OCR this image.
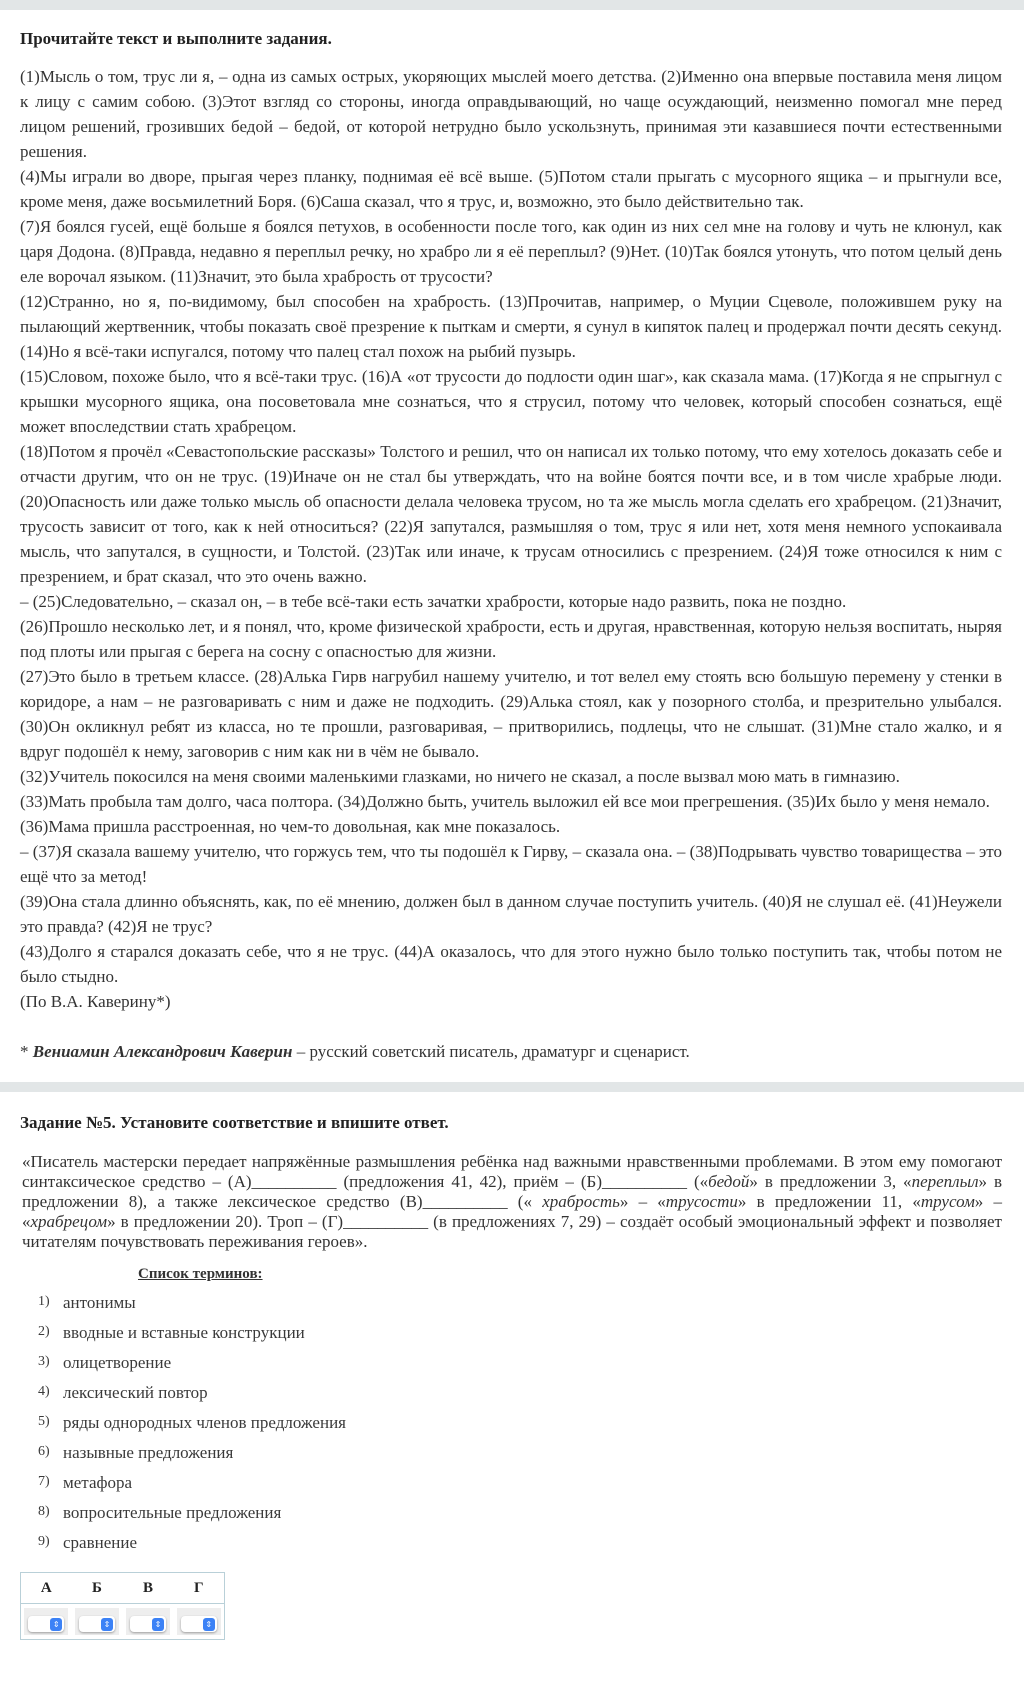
Прочитайте текст и выполните задания.

(1)Мысль о том, трус ли я, – одна из самых острых, укоряющих мыслей моего детства. (2)Именно она впервые поставила меня лицом к лицу с самим собою. (3)Этот взгляд со стороны, иногда оправдывающий, но чаще осуждающий, неизменно помогал мне перед лицом решений, грозивших бедой – бедой, от которой нетрудно было ускользнуть, принимая эти казавшиеся почти естественными решения.

(4)Мы играли во дворе, прыгая через планку, поднимая её всё выше. (5)Потом стали прыгать с мусорного ящика – и прыгнули все, кроме меня, даже восьмилетний Боря. (6)Саша сказал, что я трус, и, возможно, это было действительно так.

(7)Я боялся гусей, ещё больше я боялся петухов, в особенности после того, как один из них сел мне на голову и чуть не клюнул, как царя Додона. (8)Правда, недавно я переплыл речку, но храбро ли я её переплыл? (9)Нет. (10)Так боялся утонуть, что потом целый день еле ворочал языком. (11)Значит, это была храбрость от трусости?

(12)Странно, но я, по-видимому, был способен на храбрость. (13)Прочитав, например, о Муции Сцеволе, положившем руку на пылающий жертвенник, чтобы показать своё презрение к пыткам и смерти, я сунул в кипяток палец и продержал почти десять секунд. (14)Но я всё-таки испугался, потому что палец стал похож на рыбий пузырь.

(15)Словом, похоже было, что я всё-таки трус. (16)А «от трусости до подлости один шаг», как сказала мама. (17)Когда я не спрыгнул с крышки мусорного ящика, она посоветовала мне сознаться, что я струсил, потому что человек, который способен сознаться, ещё может впоследствии стать храбрецом.

(18)Потом я прочёл «Севастопольские рассказы» Толстого и решил, что он написал их только потому, что ему хотелось доказать себе и отчасти другим, что он не трус. (19)Иначе он не стал бы утверждать, что на войне боятся почти все, и в том числе храбрые люди. (20)Опасность или даже только мысль об опасности делала человека трусом, но та же мысль могла сделать его храбрецом. (21)Значит, трусость зависит от того, как к ней относиться? (22)Я запутался, размышляя о том, трус я или нет, хотя меня немного успокаивала мысль, что запутался, в сущности, и Толстой. (23)Так или иначе, к трусам относились с презрением. (24)Я тоже относился к ним с презрением, и брат сказал, что это очень важно.

– (25)Следовательно, – сказал он, – в тебе всё-таки есть зачатки храбрости, которые надо развить, пока не поздно.

(26)Прошло несколько лет, и я понял, что, кроме физической храбрости, есть и другая, нравственная, которую нельзя воспитать, ныряя под плоты или прыгая с берега на сосну с опасностью для жизни.

(27)Это было в третьем классе. (28)Алька Гирв нагрубил нашему учителю, и тот велел ему стоять всю большую перемену у стенки в коридоре, а нам – не разговаривать с ним и даже не подходить. (29)Алька стоял, как у позорного столба, и презрительно улыбался. (30)Он окликнул ребят из класса, но те прошли, разговаривая, – притворились, подлецы, что не слышат. (31)Мне стало жалко, и я вдруг подошёл к нему, заговорив с ним как ни в чём не бывало.

(32)Учитель покосился на меня своими маленькими глазками, но ничего не сказал, а после вызвал мою мать в гимназию.

(33)Мать пробыла там долго, часа полтора. (34)Должно быть, учитель выложил ей все мои прегрешения. (35)Их было у меня немало.

(36)Мама пришла расстроенная, но чем-то довольная, как мне показалось.

– (37)Я сказала вашему учителю, что горжусь тем, что ты подошёл к Гирву, – сказала она. – (38)Подрывать чувство товарищества – это ещё что за метод!

(39)Она стала длинно объяснять, как, по её мнению, должен был в данном случае поступить учитель. (40)Я не слушал её. (41)Неужели это правда? (42)Я не трус?

(43)Долго я старался доказать себе, что я не трус. (44)А оказалось, что для этого нужно было только поступить так, чтобы потом не было стыдно.

(По В.А. Каверину*)

* Вениамин Александрович Каверин – русский советский писатель, драматург и сценарист.
Задание №5. Установите соответствие и впишите ответ.
«Писатель мастерски передает напряжённые размышления ребёнка над важными нравственными проблемами. В этом ему помогают синтаксическое средство – (А)__________ (предложения 41, 42), приём – (Б)__________ («бедой» в предложении 3, «переплыл» в предложении 8), а также лексическое средство (В)__________ (« храбрость» – «трусости» в предложении 11, «трусом» – «храбрецом» в предложении 20). Троп – (Г)__________ (в предложениях 7, 29) – создаёт особый эмоциональный эффект и позволяет читателям почувствовать переживания героев».
Список терминов:
1) антонимы
2) вводные и вставные конструкции
3) олицетворение
4) лексический повтор
5) ряды однородных членов предложения
6) назывные предложения
7) метафора
8) вопросительные предложения
9) сравнение
А	Б	В	Г

⇕	⇕	⇕	⇕
